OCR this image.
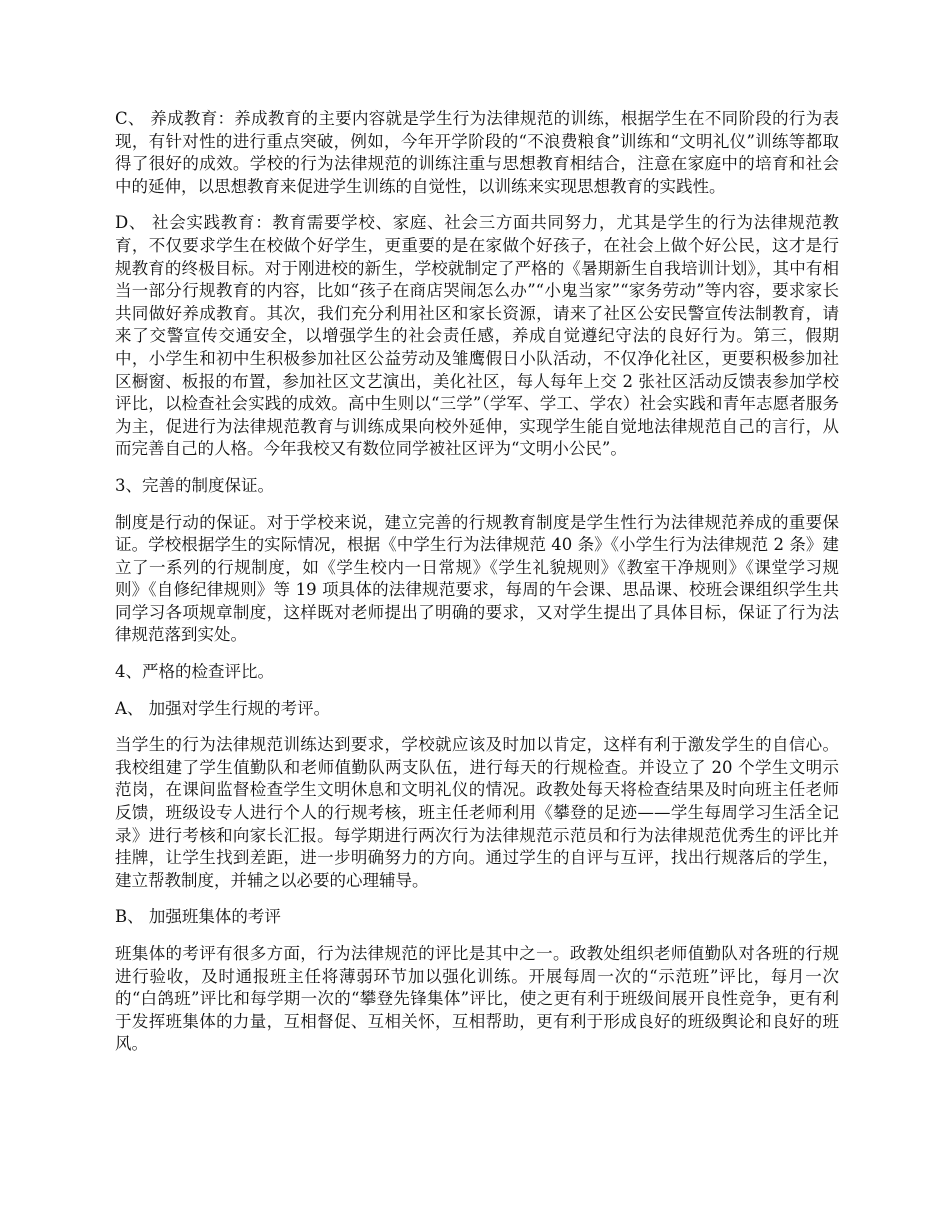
C、 养成教育：养成教育的主要内容就是学生行为法律规范的训练，根据学生在不同阶段的行为表现，有针对性的进行重点突破，例如，今年开学阶段的“不浪费粮食”训练和“文明礼仪”训练等都取得了很好的成效。学校的行为法律规范的训练注重与思想教育相结合，注意在家庭中的培育和社会中的延伸，以思想教育来促进学生训练的自觉性，以训练来实现思想教育的实践性。

D、 社会实践教育：教育需要学校、家庭、社会三方面共同努力，尤其是学生的行为法律规范教育，不仅要求学生在校做个好学生，更重要的是在家做个好孩子，在社会上做个好公民，这才是行规教育的终极目标。对于刚进校的新生，学校就制定了严格的《暑期新生自我培训计划》，其中有相当一部分行规教育的内容，比如“孩子在商店哭闹怎么办”“小鬼当家”“家务劳动”等内容，要求家长共同做好养成教育。其次，我们充分利用社区和家长资源，请来了社区公安民警宣传法制教育，请来了交警宣传交通安全，以增强学生的社会责任感，养成自觉遵纪守法的良好行为。第三，假期中，小学生和初中生积极参加社区公益劳动及雏鹰假日小队活动，不仅净化社区，更要积极参加社区橱窗、板报的布置，参加社区文艺演出，美化社区，每人每年上交 2 张社区活动反馈表参加学校评比，以检查社会实践的成效。高中生则以“三学”（学军、学工、学农）社会实践和青年志愿者服务为主，促进行为法律规范教育与训练成果向校外延伸，实现学生能自觉地法律规范自己的言行，从而完善自己的人格。今年我校又有数位同学被社区评为“文明小公民”。

3、完善的制度保证。

制度是行动的保证。对于学校来说，建立完善的行规教育制度是学生性行为法律规范养成的重要保证。学校根据学生的实际情况，根据《中学生行为法律规范 40 条》《小学生行为法律规范 2 条》建立了一系列的行规制度，如《学生校内一日常规》《学生礼貌规则》《教室干净规则》《课堂学习规则》《自修纪律规则》等 19 项具体的法律规范要求，每周的午会课、思品课、校班会课组织学生共同学习各项规章制度，这样既对老师提出了明确的要求，又对学生提出了具体目标，保证了行为法律规范落到实处。

4、严格的检查评比。

A、 加强对学生行规的考评。

当学生的行为法律规范训练达到要求，学校就应该及时加以肯定，这样有利于激发学生的自信心。我校组建了学生值勤队和老师值勤队两支队伍，进行每天的行规检查。并设立了 20 个学生文明示范岗，在课间监督检查学生文明休息和文明礼仪的情况。政教处每天将检查结果及时向班主任老师反馈，班级设专人进行个人的行规考核，班主任老师利用《攀登的足迹——学生每周学习生活全记录》进行考核和向家长汇报。每学期进行两次行为法律规范示范员和行为法律规范优秀生的评比并挂牌，让学生找到差距，进一步明确努力的方向。通过学生的自评与互评，找出行规落后的学生，建立帮教制度，并辅之以必要的心理辅导。

B、 加强班集体的考评

班集体的考评有很多方面，行为法律规范的评比是其中之一。政教处组织老师值勤队对各班的行规进行验收，及时通报班主任将薄弱环节加以强化训练。开展每周一次的“示范班”评比，每月一次的“白鸽班”评比和每学期一次的“攀登先锋集体”评比，使之更有利于班级间展开良性竞争，更有利于发挥班集体的力量，互相督促、互相关怀，互相帮助，更有利于形成良好的班级舆论和良好的班风。
